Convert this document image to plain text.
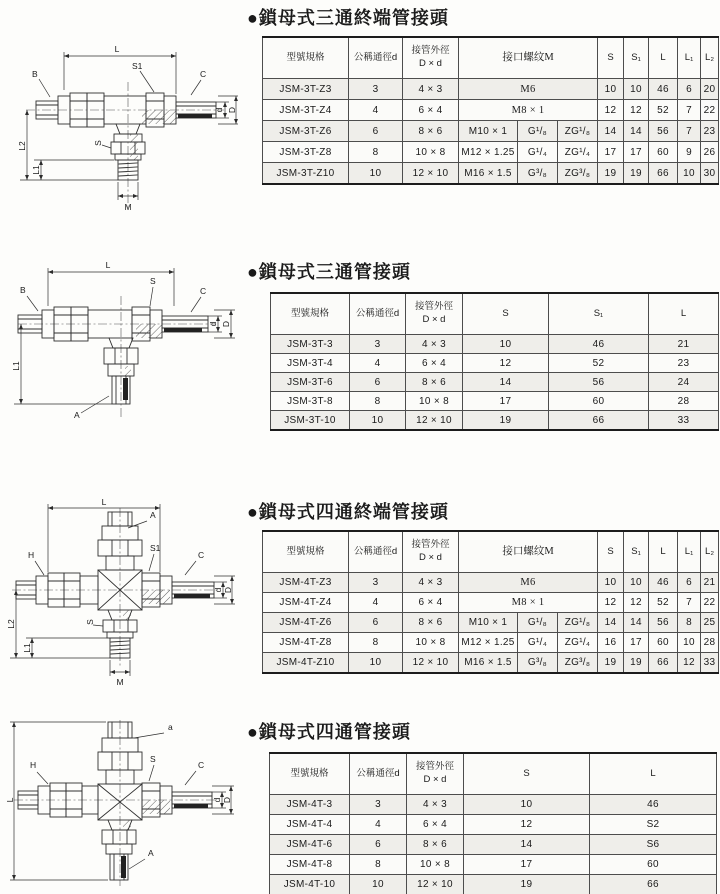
●鎖母式三通終端管接頭
型號規格	公稱通徑d	接管外徑
D × d	接口螺纹M			S	S₁	L	L₁	L₂
JSM-3T-Z3	3	4 × 3	M6			10	10	46	6	20
JSM-3T-Z4	4	6 × 4	M8 × 1			12	12	52	7	22
JSM-3T-Z6	6	8 × 6	M10 × 1	G¹/₈	ZG¹/₈	14	14	56	7	23
JSM-3T-Z8	8	10 × 8	M12 × 1.25	G¹/₄	ZG¹/₄	17	17	60	9	26
JSM-3T-Z10	10	12 × 10	M16 × 1.5	G³/₈	ZG³/₈	19	19	66	10	30
L
S1
B	C
d D
L2
L1
S
M
●鎖母式三通管接頭
型號規格	公稱通徑d	接管外徑
D × d	S	S₁	L
JSM-3T-3	3	4 × 3	10	46	21
JSM-3T-4	4	6 × 4	12	52	23
JSM-3T-6	6	8 × 6	14	56	24
JSM-3T-8	8	10 × 8	17	60	28
JSM-3T-10	10	12 × 10	19	66	33
L
S
B	C
d D
L1
A
●鎖母式四通終端管接頭
型號規格	公稱通徑d	接管外徑
D × d	接口螺纹M			S	S₁	L	L₁	L₂
JSM-4T-Z3	3	4 × 3	M6			10	10	46	6	21
JSM-4T-Z4	4	6 × 4	M8 × 1			12	12	52	7	22
JSM-4T-Z6	6	8 × 6	M10 × 1	G¹/₈	ZG¹/₈	14	14	56	8	25
JSM-4T-Z8	8	10 × 8	M12 × 1.25	G¹/₄	ZG¹/₄	16	17	60	10	28
JSM-4T-Z10	10	12 × 10	M16 × 1.5	G³/₈	ZG³/₈	19	19	66	12	33
L
A
H
S1
C
d D
L2
L1
S
M
●鎖母式四通管接頭
型號規格	公稱通徑d	接管外徑
D × d	S	L
JSM-4T-3	3	4 × 3	10	46
JSM-4T-4	4	6 × 4	12	S2
JSM-4T-6	6	8 × 6	14	S6
JSM-4T-8	8	10 × 8	17	60
JSM-4T-10	10	12 × 10	19	66
L
a
H
S
C
d D
A
